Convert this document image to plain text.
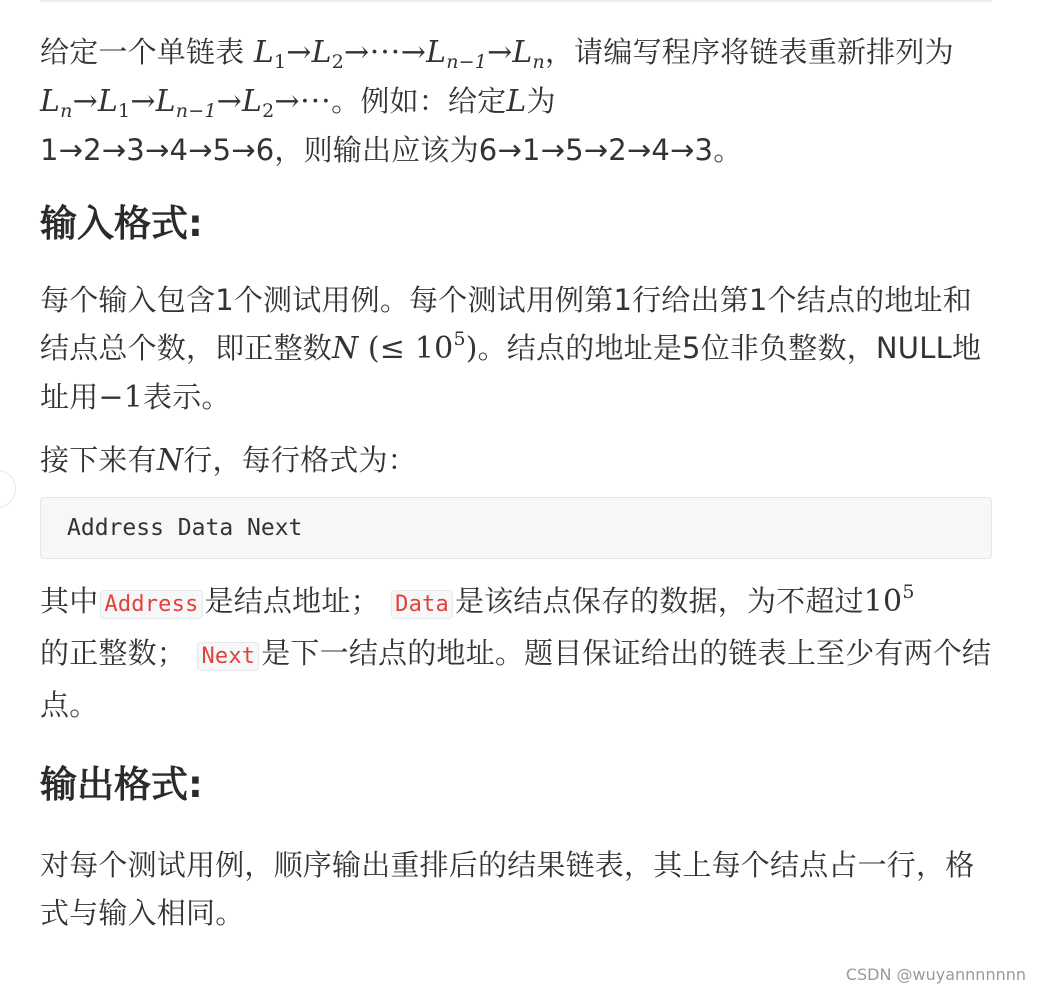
给定一个单链表 $L_1\to L_2\to\cdot\cdot\cdot\to L_{n-1}\to L_n$，请编写程序将链表重新排列为 $L_n\to L_1\to L_{n-1}\to L_2\to\cdot\cdot\cdot$。例如：给定L为
1→2→3→4→5→6，则输出应该为6→1→5→2→4→3。

输入格式:

每个输入包含1个测试用例。每个测试用例第1行给出第1个结点的地址和结点总个数，即正整数N (≤ $10^5$)。结点的地址是5位非负整数，NULL地址用−1表示。

接下来有N行，每行格式为：

Address Data Next

其中 Address 是结点地址； Data 是该结点保存的数据，为不超过$10^5$
的正整数； Next 是下一结点的地址。题目保证给出的链表上至少有两个结点。

输出格式:

对每个测试用例，顺序输出重排后的结果链表，其上每个结点占一行，格式与输入相同。

CSDN @wuyannnnnnn
